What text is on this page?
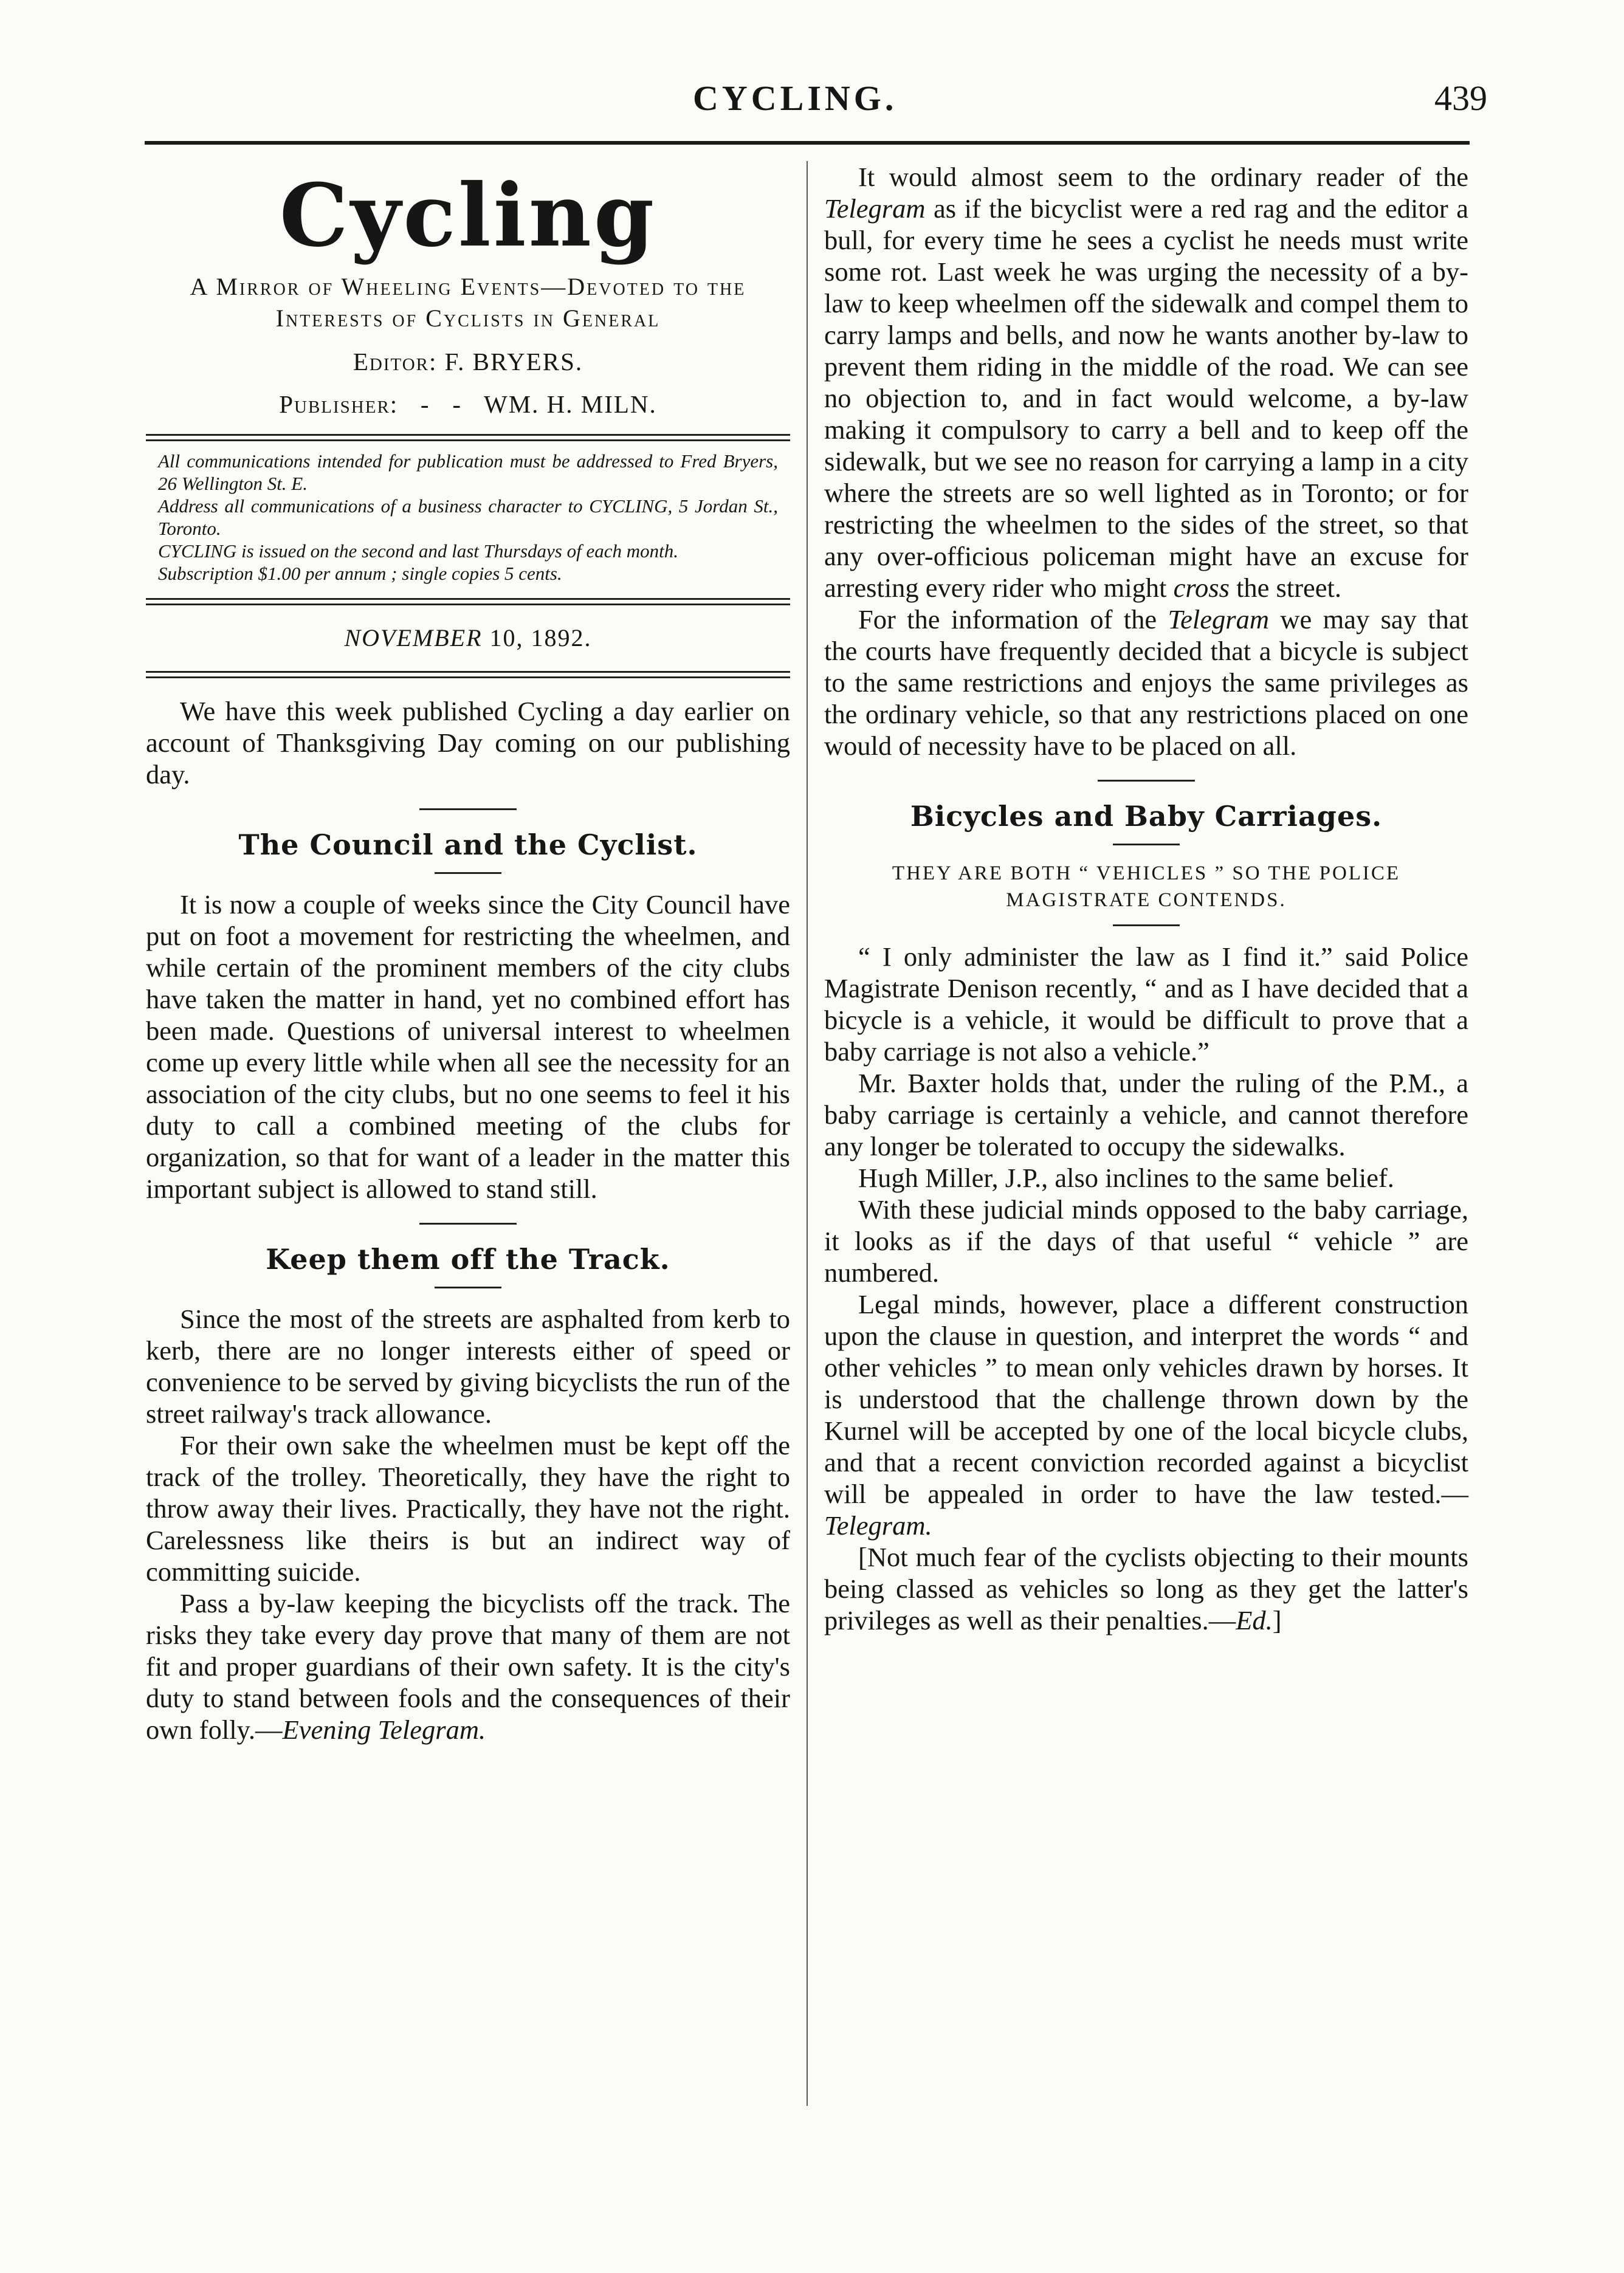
CYCLING.	439
Cycling
A Mirror of Wheeling Events—Devoted to the Interests of Cyclists in General
Editor: F. BRYERS.
Publisher:   -   -   WM. H. MILN.

All communications intended for publication must be addressed to Fred Bryers, 26 Wellington St. E.

Address all communications of a business character to CYCLING, 5 Jordan St., Toronto.

CYCLING is issued on the second and last Thursdays of each month.

Subscription $1.00 per annum ; single copies 5 cents.

NOVEMBER 10, 1892.

We have this week published Cycling a day earlier on account of Thanksgiving Day coming on our publishing day.

The Council and the Cyclist.

It is now a couple of weeks since the City Council have put on foot a movement for restricting the wheelmen, and while certain of the prominent members of the city clubs have taken the matter in hand, yet no combined effort has been made. Questions of universal interest to wheelmen come up every little while when all see the necessity for an association of the city clubs, but no one seems to feel it his duty to call a combined meeting of the clubs for organization, so that for want of a leader in the matter this important subject is allowed to stand still.

Keep them off the Track.

Since the most of the streets are asphalted from kerb to kerb, there are no longer interests either of speed or convenience to be served by giving bicyclists the run of the street railway's track allowance.

For their own sake the wheelmen must be kept off the track of the trolley. Theoretically, they have the right to throw away their lives. Practically, they have not the right. Carelessness like theirs is but an indirect way of committing suicide.

Pass a by-law keeping the bicyclists off the track. The risks they take every day prove that many of them are not fit and proper guardians of their own safety. It is the city's duty to stand between fools and the consequences of their own folly.—Evening Telegram.

It would almost seem to the ordinary reader of the Telegram as if the bicyclist were a red rag and the editor a bull, for every time he sees a cyclist he needs must write some rot. Last week he was urging the necessity of a by-law to keep wheelmen off the sidewalk and compel them to carry lamps and bells, and now he wants another by-law to prevent them riding in the middle of the road. We can see no objection to, and in fact would welcome, a by-law making it compulsory to carry a bell and to keep off the sidewalk, but we see no reason for carrying a lamp in a city where the streets are so well lighted as in Toronto; or for restricting the wheelmen to the sides of the street, so that any over-officious policeman might have an excuse for arresting every rider who might cross the street.

For the information of the Telegram we may say that the courts have frequently decided that a bicycle is subject to the same restrictions and enjoys the same privileges as the ordinary vehicle, so that any restrictions placed on one would of necessity have to be placed on all.

Bicycles and Baby Carriages.
THEY ARE BOTH “ VEHICLES ” SO THE POLICE MAGISTRATE CONTENDS.

“ I only administer the law as I find it.” said Police Magistrate Denison recently, “ and as I have decided that a bicycle is a vehicle, it would be difficult to prove that a baby carriage is not also a vehicle.”

Mr. Baxter holds that, under the ruling of the P.M., a baby carriage is certainly a vehicle, and cannot therefore any longer be tolerated to occupy the sidewalks.

Hugh Miller, J.P., also inclines to the same belief.

With these judicial minds opposed to the baby carriage, it looks as if the days of that useful “ vehicle ” are numbered.

Legal minds, however, place a different construction upon the clause in question, and interpret the words “ and other vehicles ” to mean only vehicles drawn by horses. It is understood that the challenge thrown down by the Kurnel will be accepted by one of the local bicycle clubs, and that a recent conviction recorded against a bicyclist will be appealed in order to have the law tested.—Telegram.

[Not much fear of the cyclists objecting to their mounts being classed as vehicles so long as they get the latter's privileges as well as their penalties.—Ed.]
